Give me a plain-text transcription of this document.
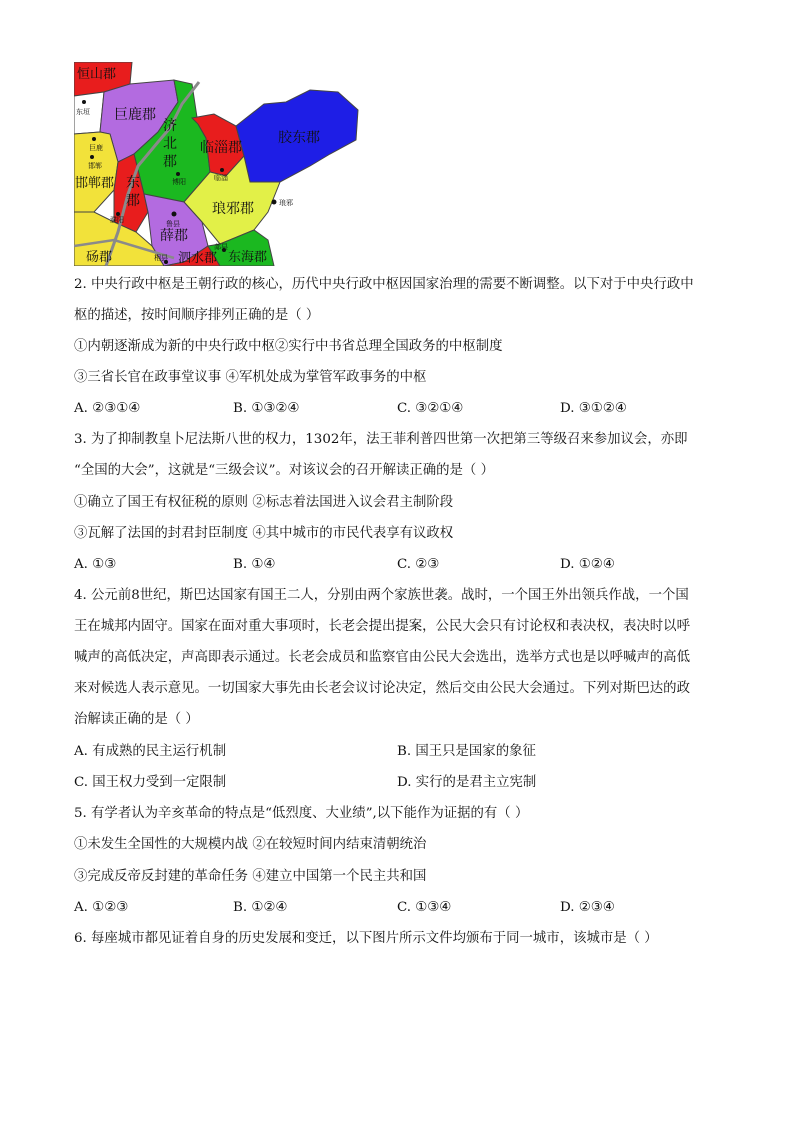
恒山郡
巨鹿郡
济
北
郡
临淄郡
胶东郡
邯郸郡 东
郡	琅邪郡
薛郡
砀郡	泗水郡 东海郡
东垣
巨鹿
邯郸
博阳	临淄
琅邪
濮阳	鲁县
郯县
相县
2. 中央行政中枢是王朝行政的核心，历代中央行政中枢因国家治理的需要不断调整。以下对于中央行政中
枢的描述，按时间顺序排列正确的是（ ）
①内朝逐渐成为新的中央行政中枢②实行中书省总理全国政务的中枢制度
③三省长官在政事堂议事 ④军机处成为掌管军政事务的中枢
A. ②③①④	B. ①③②④	C. ③②①④	D. ③①②④
3. 为了抑制教皇卜尼法斯八世的权力，1302年，法王菲利普四世第一次把第三等级召来参加议会，亦即
“全国的大会”，这就是“三级会议”。对该议会的召开解读正确的是（ ）
①确立了国王有权征税的原则 ②标志着法国进入议会君主制阶段
③瓦解了法国的封君封臣制度 ④其中城市的市民代表享有议政权
A. ①③	B. ①④	C. ②③	D. ①②④
4. 公元前8世纪，斯巴达国家有国王二人，分别由两个家族世袭。战时，一个国王外出领兵作战，一个国
王在城邦内固守。国家在面对重大事项时，长老会提出提案，公民大会只有讨论权和表决权，表决时以呼
喊声的高低决定，声高即表示通过。长老会成员和监察官由公民大会选出，选举方式也是以呼喊声的高低
来对候选人表示意见。一切国家大事先由长老会议讨论决定，然后交由公民大会通过。下列对斯巴达的政
治解读正确的是（ ）
A. 有成熟的民主运行机制	B. 国王只是国家的象征
C. 国王权力受到一定限制	D. 实行的是君主立宪制
5. 有学者认为辛亥革命的特点是“低烈度、大业绩”,以下能作为证据的有（ ）
①未发生全国性的大规模内战 ②在较短时间内结束清朝统治
③完成反帝反封建的革命任务 ④建立中国第一个民主共和国
A. ①②③	B. ①②④	C. ①③④	D. ②③④
6. 每座城市都见证着自身的历史发展和变迁，以下图片所示文件均颁布于同一城市，该城市是（ ）
